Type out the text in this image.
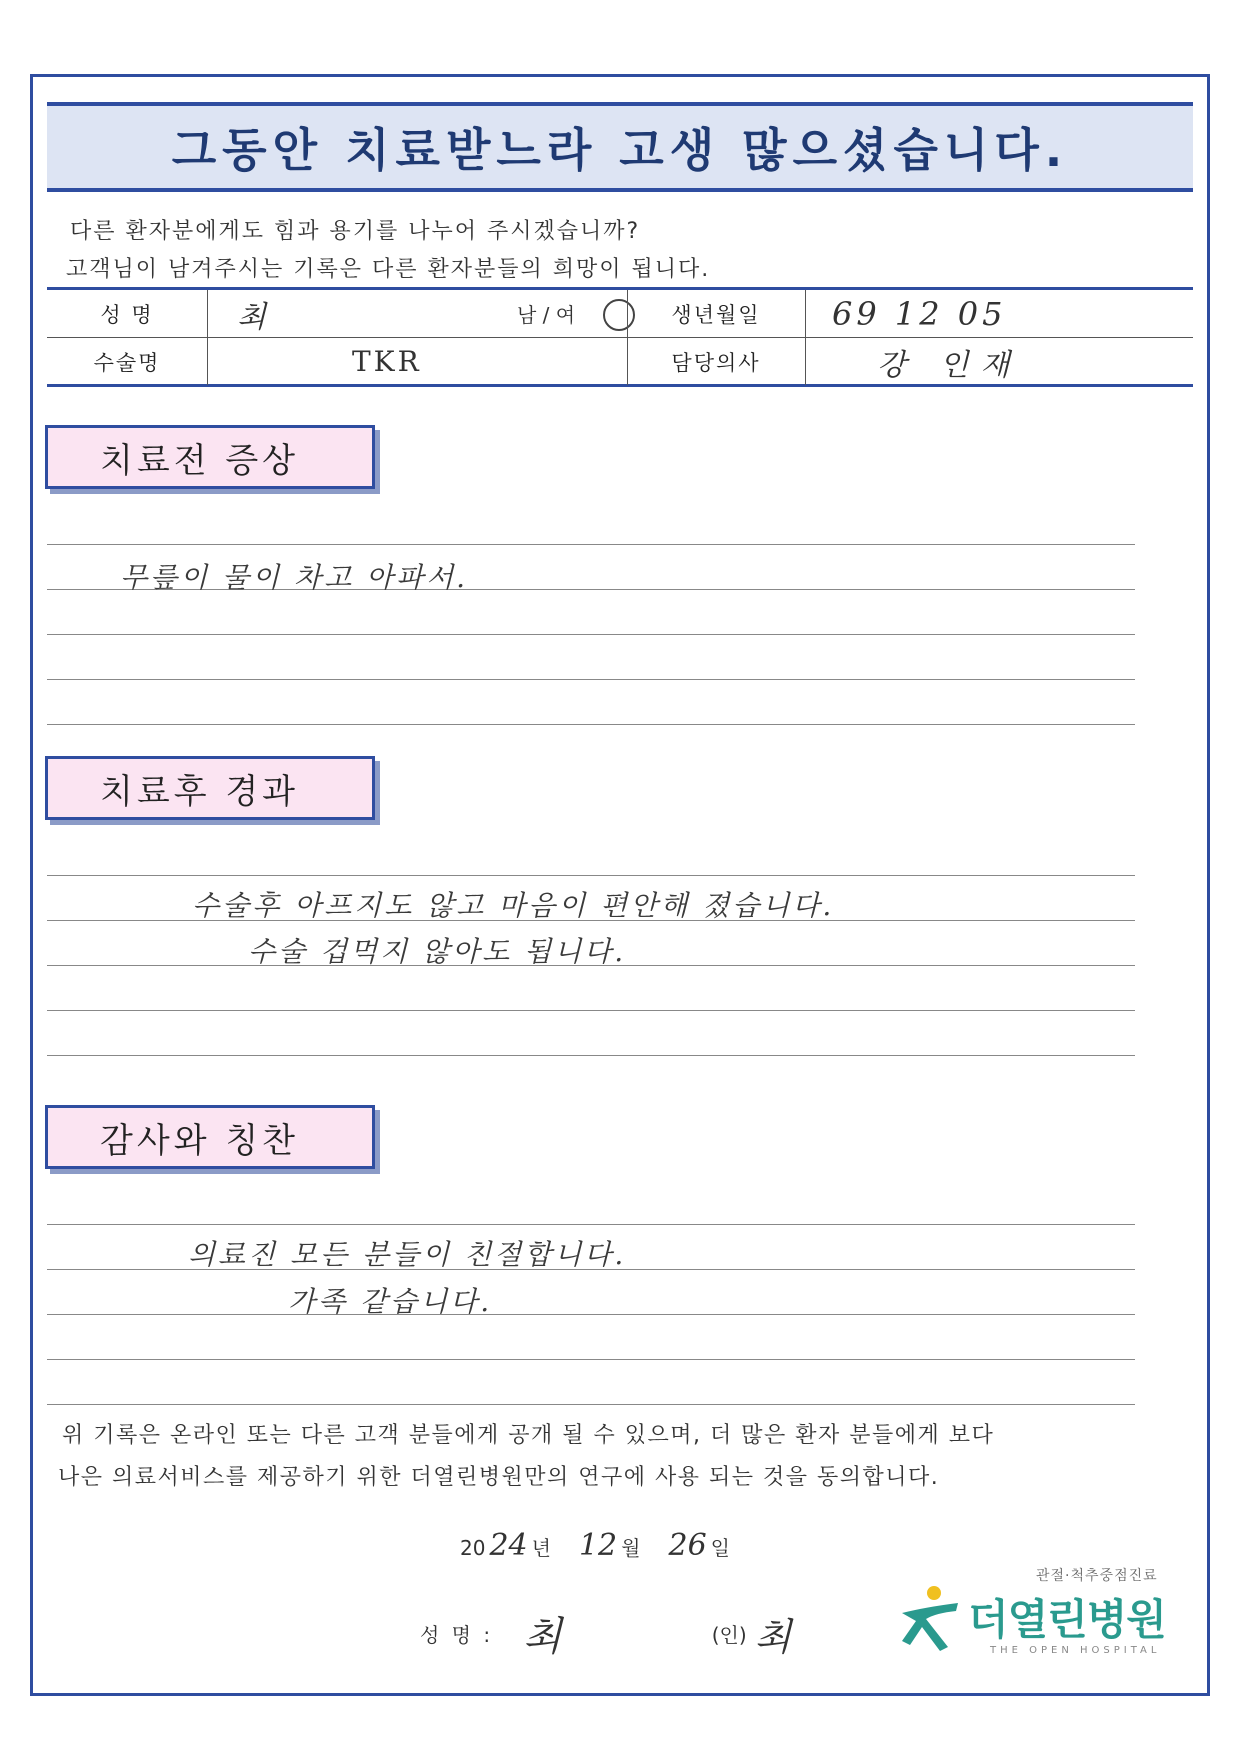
그동안 치료받느라 고생 많으셨습니다.
다른 환자분에게도 힘과 용기를 나누어 주시겠습니까?
고객님이 남겨주시는 기록은 다른 환자분들의 희망이 됩니다.
성 명	최	남 / 여	생년월일	69 12 05
수술명	TKR	담당의사	강 인재
치료전 증상
무릎이 물이 차고 아파서.
치료후 경과
수술후 아프지도 않고 마음이 편안해 졌습니다.
수술 겁먹지 않아도 됩니다.
감사와 칭찬
의료진 모든 분들이 친절합니다.
가족 같습니다.
위 기록은 온라인 또는 다른 고객 분들에게 공개 될 수 있으며, 더 많은 환자 분들에게 보다
나은 의료서비스를 제공하기 위한 더열린병원만의 연구에 사용 되는 것을 동의합니다.
20 24 년 12 월 26 일
성 명 : 최	(인) 최
관절·척추중점진료
더열린병원
THE OPEN HOSPITAL
